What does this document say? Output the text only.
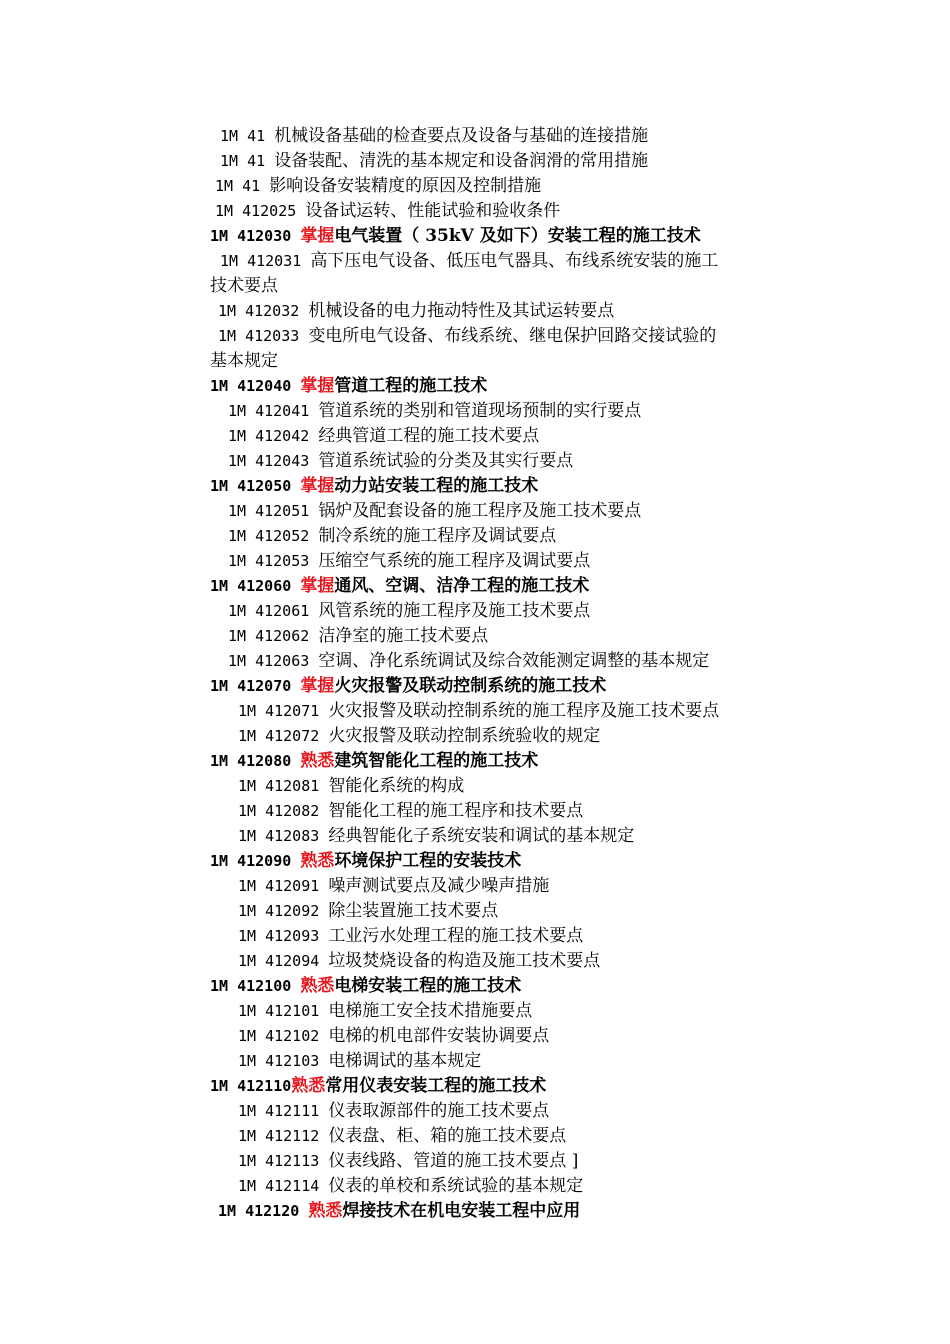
1M 41 机械设备基础的检查要点及设备与基础的连接措施
1M 41 设备装配、清洗的基本规定和设备润滑的常用措施
1M 41 影响设备安装精度的原因及控制措施
1M 412025 设备试运转、性能试验和验收条件
1M 412030 掌握电气装置（ 35kV 及如下）安装工程的施工技术
1M 412031 高下压电气设备、低压电气器具、布线系统安装的施工
技术要点
1M 412032 机械设备的电力拖动特性及其试运转要点
1M 412033 变电所电气设备、布线系统、继电保护回路交接试验的
基本规定
1M 412040 掌握管道工程的施工技术
1M 412041 管道系统的类别和管道现场预制的实行要点
1M 412042 经典管道工程的施工技术要点
1M 412043 管道系统试验的分类及其实行要点
1M 412050 掌握动力站安装工程的施工技术
1M 412051 锅炉及配套设备的施工程序及施工技术要点
1M 412052 制冷系统的施工程序及调试要点
1M 412053 压缩空气系统的施工程序及调试要点
1M 412060 掌握通风、空调、洁净工程的施工技术
1M 412061 风管系统的施工程序及施工技术要点
1M 412062 洁净室的施工技术要点
1M 412063 空调、净化系统调试及综合效能测定调整的基本规定
1M 412070 掌握火灾报警及联动控制系统的施工技术
1M 412071 火灾报警及联动控制系统的施工程序及施工技术要点
1M 412072 火灾报警及联动控制系统验收的规定
1M 412080 熟悉建筑智能化工程的施工技术
1M 412081 智能化系统的构成
1M 412082 智能化工程的施工程序和技术要点
1M 412083 经典智能化子系统安装和调试的基本规定
1M 412090 熟悉环境保护工程的安装技术
1M 412091 噪声测试要点及减少噪声措施
1M 412092 除尘装置施工技术要点
1M 412093 工业污水处理工程的施工技术要点
1M 412094 垃圾焚烧设备的构造及施工技术要点
1M 412100 熟悉电梯安装工程的施工技术
1M 412101 电梯施工安全技术措施要点
1M 412102 电梯的机电部件安装协调要点
1M 412103 电梯调试的基本规定
1M 412110熟悉常用仪表安装工程的施工技术
1M 412111 仪表取源部件的施工技术要点
1M 412112 仪表盘、柜、箱的施工技术要点
1M 412113 仪表线路、管道的施工技术要点 ]
1M 412114 仪表的单校和系统试验的基本规定
1M 412120 熟悉焊接技术在机电安装工程中应用
